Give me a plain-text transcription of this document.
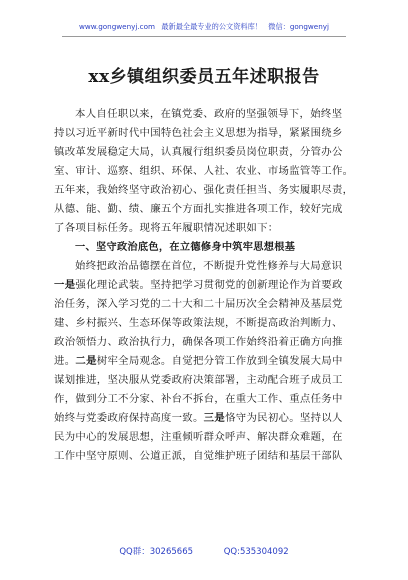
www.gongwenyj.com 最新最全最专业的公文资料库！ 微信：gongwenyj
xx乡镇组织委员五年述职报告
本人自任职以来，在镇党委、政府的坚强领导下，始终坚
持以习近平新时代中国特色社会主义思想为指导，紧紧围绕乡
镇改革发展稳定大局，认真履行组织委员岗位职责，分管办公
室、审计、巡察、组织、环保、人社、农业、市场监管等工作。
五年来，我始终坚守政治初心、强化责任担当、务实履职尽责，
从德、能、勤、绩、廉五个方面扎实推进各项工作，较好完成
了各项目标任务。现将五年履职情况述职如下：
一、坚守政治底色，在立德修身中筑牢思想根基
始终把政治品德摆在首位，不断提升党性修养与大局意识
一是强化理论武装。坚持把学习贯彻党的创新理论作为首要政
治任务，深入学习党的二十大和二十届历次全会精神及基层党
建、乡村振兴、生态环保等政策法规，不断提高政治判断力、
政治领悟力、政治执行力，确保各项工作始终沿着正确方向推
进。二是树牢全局观念。自觉把分管工作放到全镇发展大局中
谋划推进，坚决服从党委政府决策部署，主动配合班子成员工
作，做到分工不分家、补台不拆台，在重大工作、重点任务中
始终与党委政府保持高度一致。三是恪守为民初心。坚持以人
民为中心的发展思想，注重倾听群众呼声、解决群众难题，在
工作中坚守原则、公道正派，自觉维护班子团结和基层干部队
QQ群：30265665	QQ:535304092
